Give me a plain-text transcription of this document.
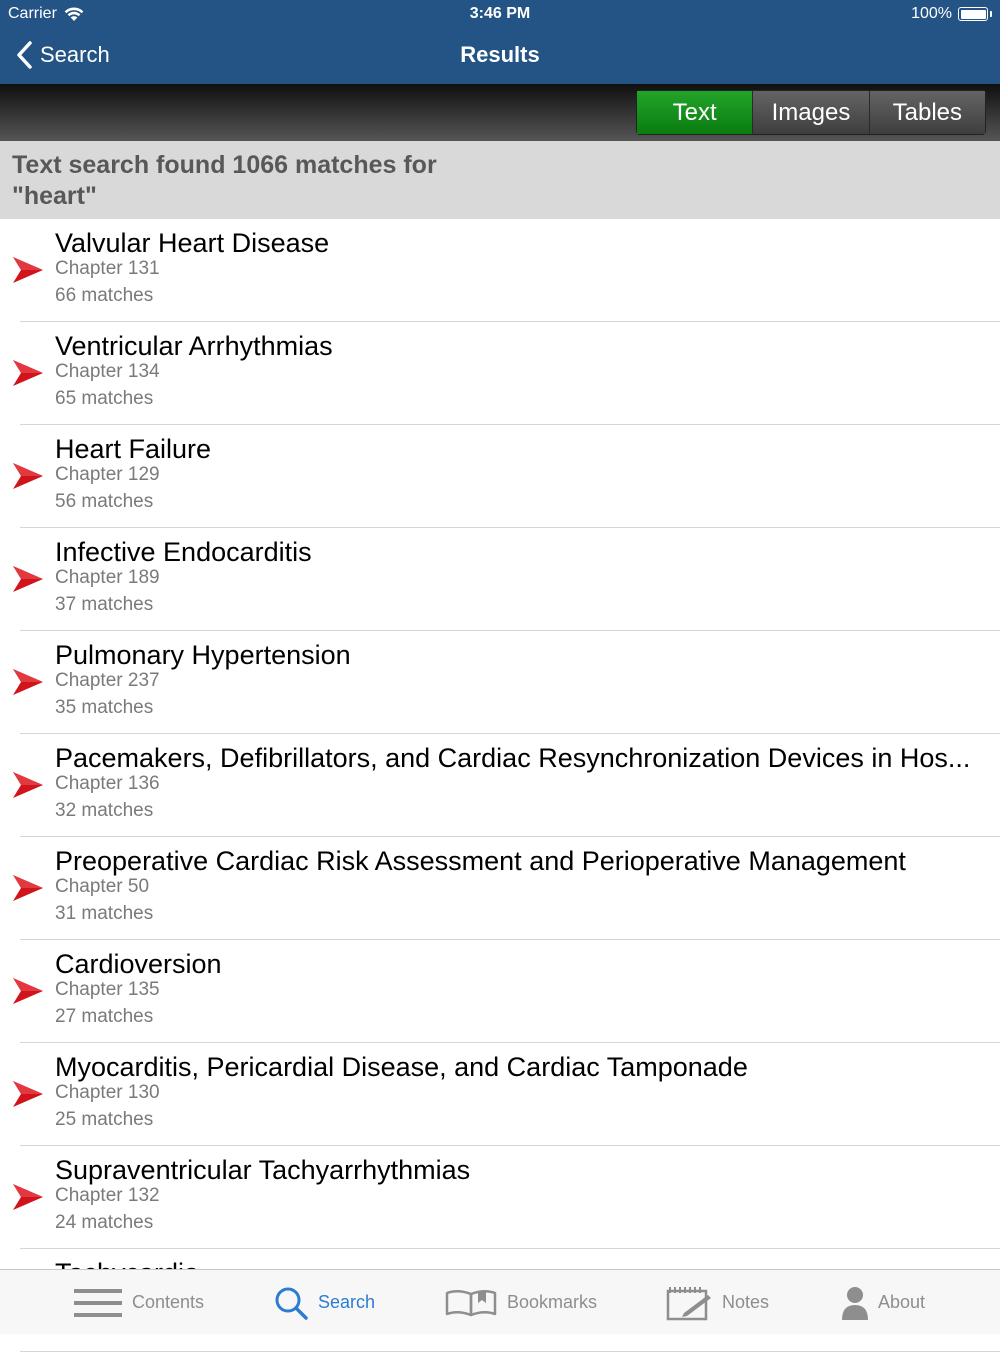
Carrier	3:46 PM	100%
Search	Results
Text	Images	Tables
Text search found 1066 matches for "heart"
Valvular Heart Disease
Chapter 131
66 matches
Ventricular Arrhythmias
Chapter 134
65 matches
Heart Failure
Chapter 129
56 matches
Infective Endocarditis
Chapter 189
37 matches
Pulmonary Hypertension
Chapter 237
35 matches
Pacemakers, Defibrillators, and Cardiac Resynchronization Devices in Hos...
Chapter 136
32 matches
Preoperative Cardiac Risk Assessment and Perioperative Management
Chapter 50
31 matches
Cardioversion
Chapter 135
27 matches
Myocarditis, Pericardial Disease, and Cardiac Tamponade
Chapter 130
25 matches
Supraventricular Tachyarrhythmias
Chapter 132
24 matches
Contents	Search	Bookmarks	Notes	About
